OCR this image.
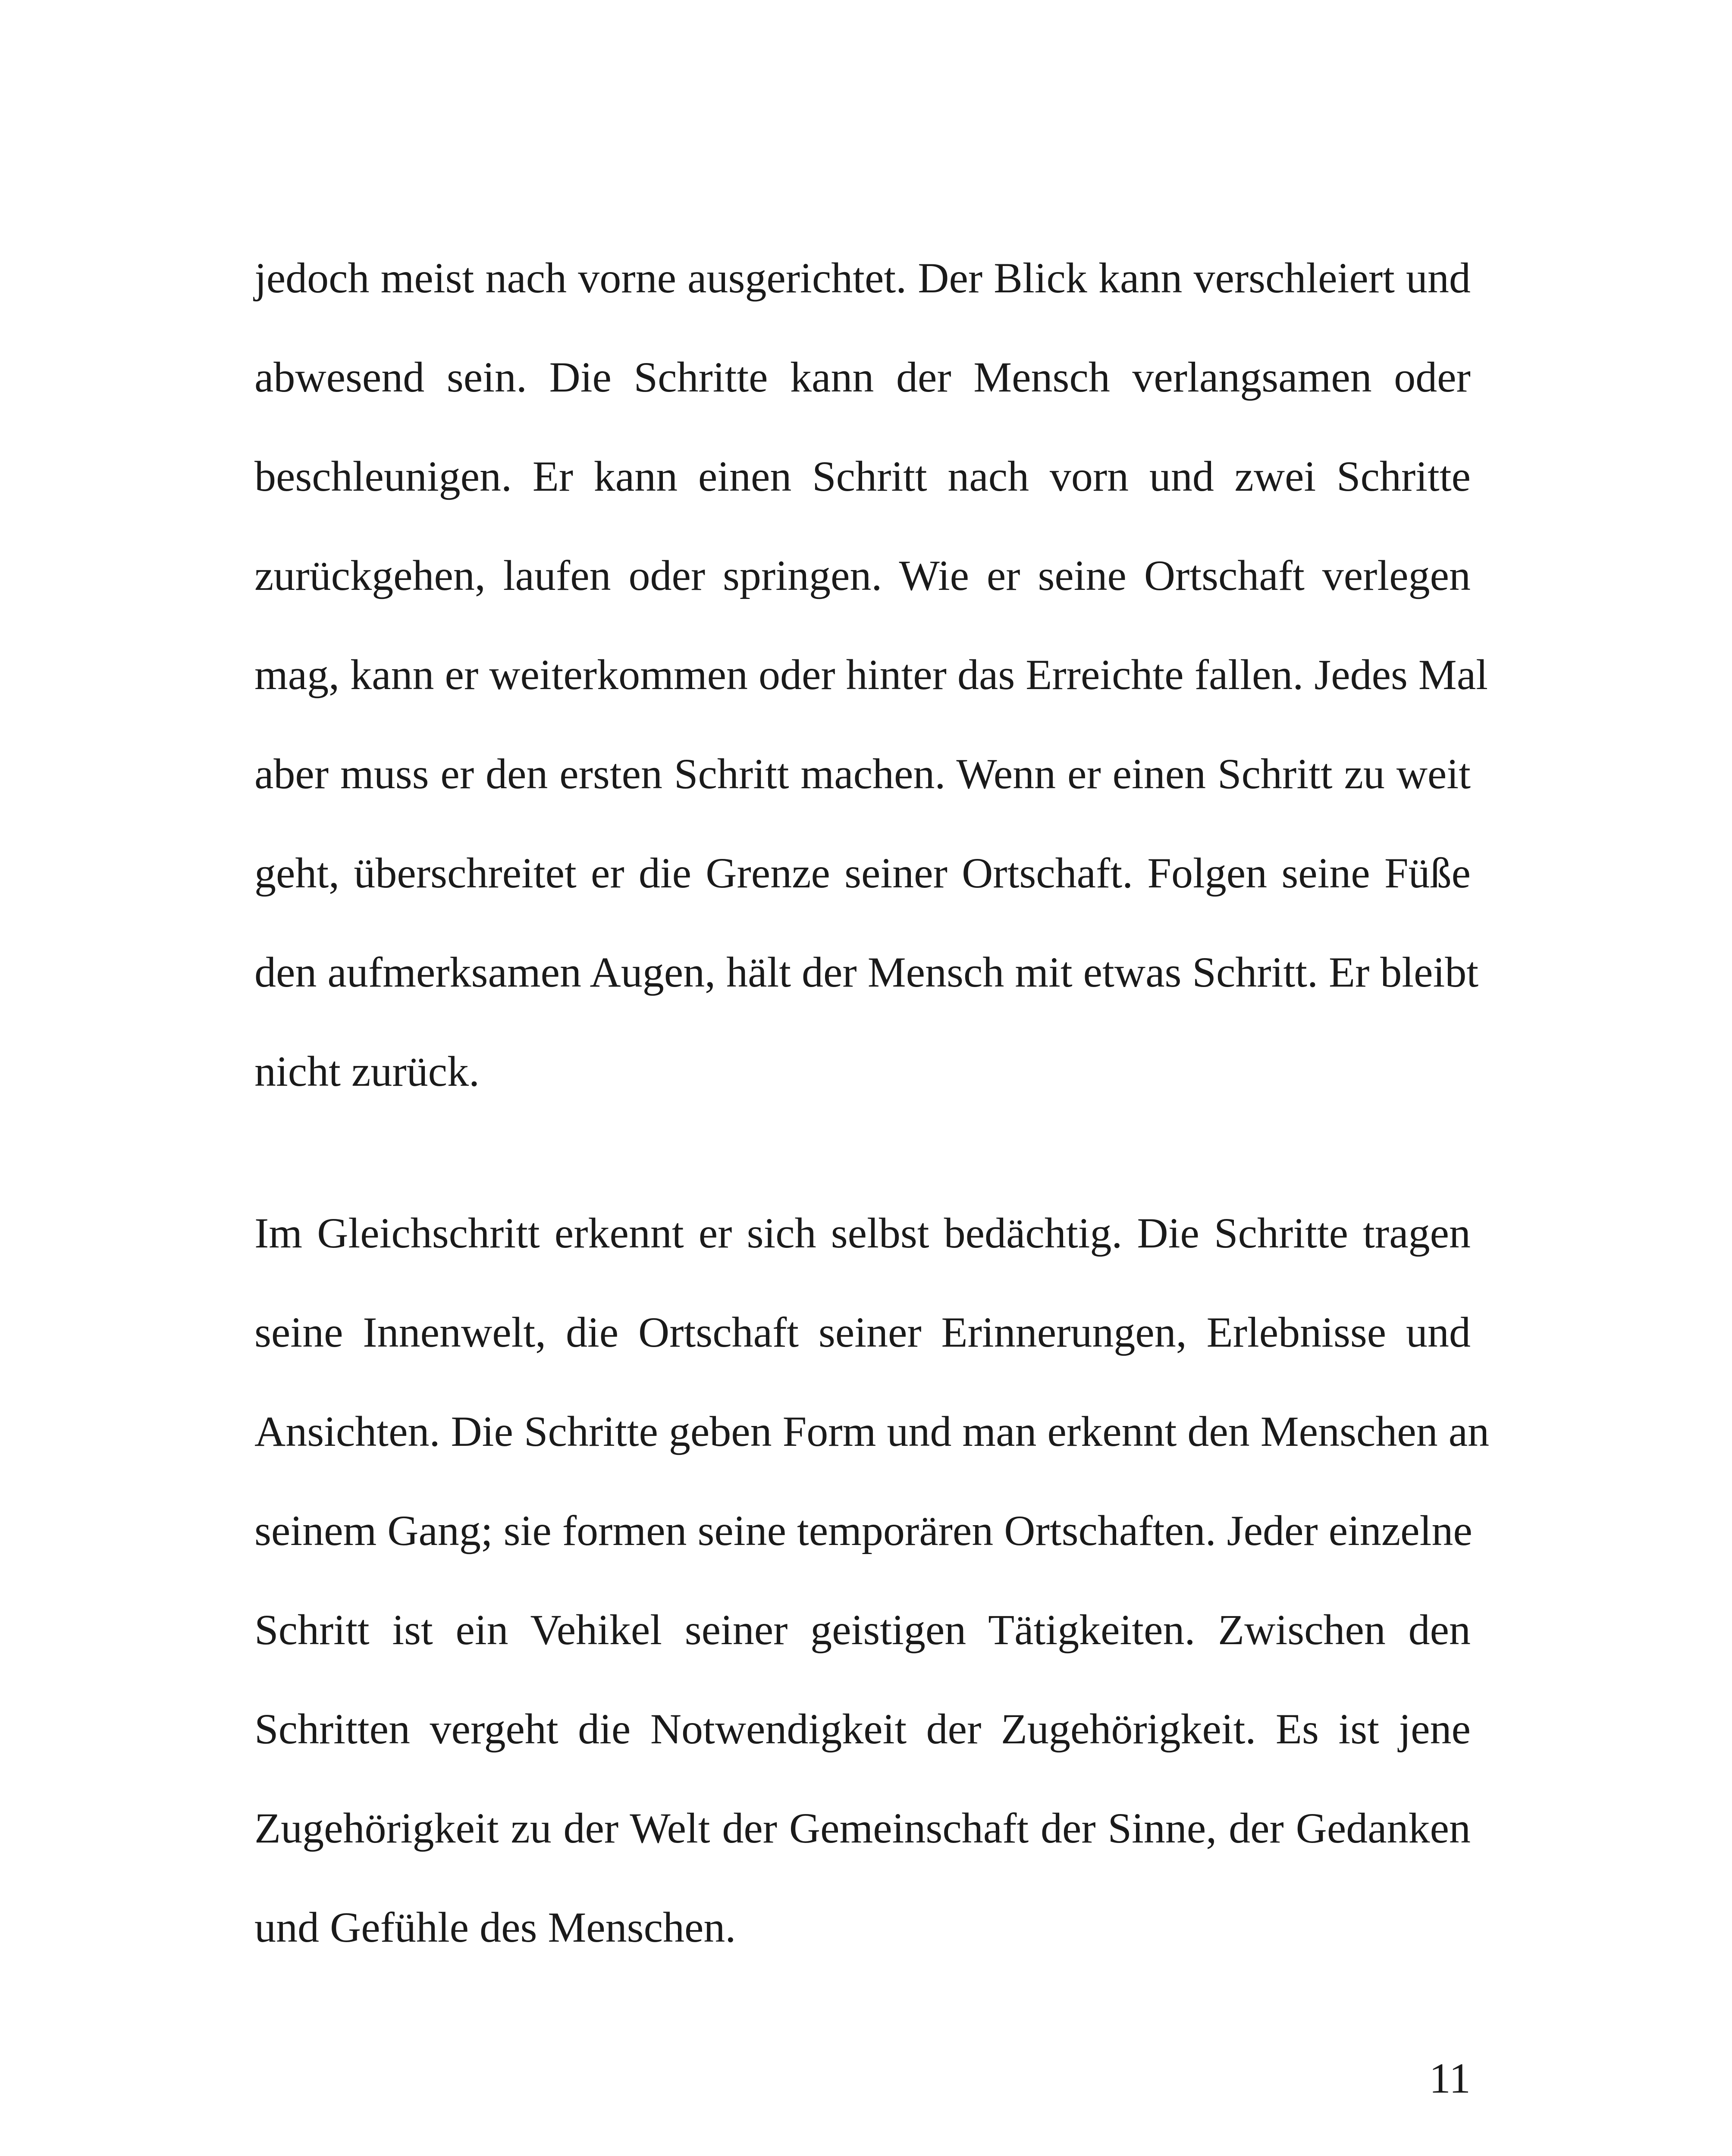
jedoch meist nach vorne ausgerichtet. Der Blick kann verschleiert und
abwesend sein. Die Schritte kann der Mensch verlangsamen oder
beschleunigen. Er kann einen Schritt nach vorn und zwei Schritte
zurückgehen, laufen oder springen. Wie er seine Ortschaft verlegen
mag, kann er weiterkommen oder hinter das Erreichte fallen. Jedes Mal
aber muss er den ersten Schritt machen. Wenn er einen Schritt zu weit
geht, überschreitet er die Grenze seiner Ortschaft. Folgen seine Füße
den aufmerksamen Augen, hält der Mensch mit etwas Schritt. Er bleibt
nicht zurück.
Im Gleichschritt erkennt er sich selbst bedächtig. Die Schritte tragen
seine Innenwelt, die Ortschaft seiner Erinnerungen, Erlebnisse und
Ansichten. Die Schritte geben Form und man erkennt den Menschen an
seinem Gang; sie formen seine temporären Ortschaften. Jeder einzelne
Schritt ist ein Vehikel seiner geistigen Tätigkeiten. Zwischen den
Schritten vergeht die Notwendigkeit der Zugehörigkeit. Es ist jene
Zugehörigkeit zu der Welt der Gemeinschaft der Sinne, der Gedanken
und Gefühle des Menschen.
11
